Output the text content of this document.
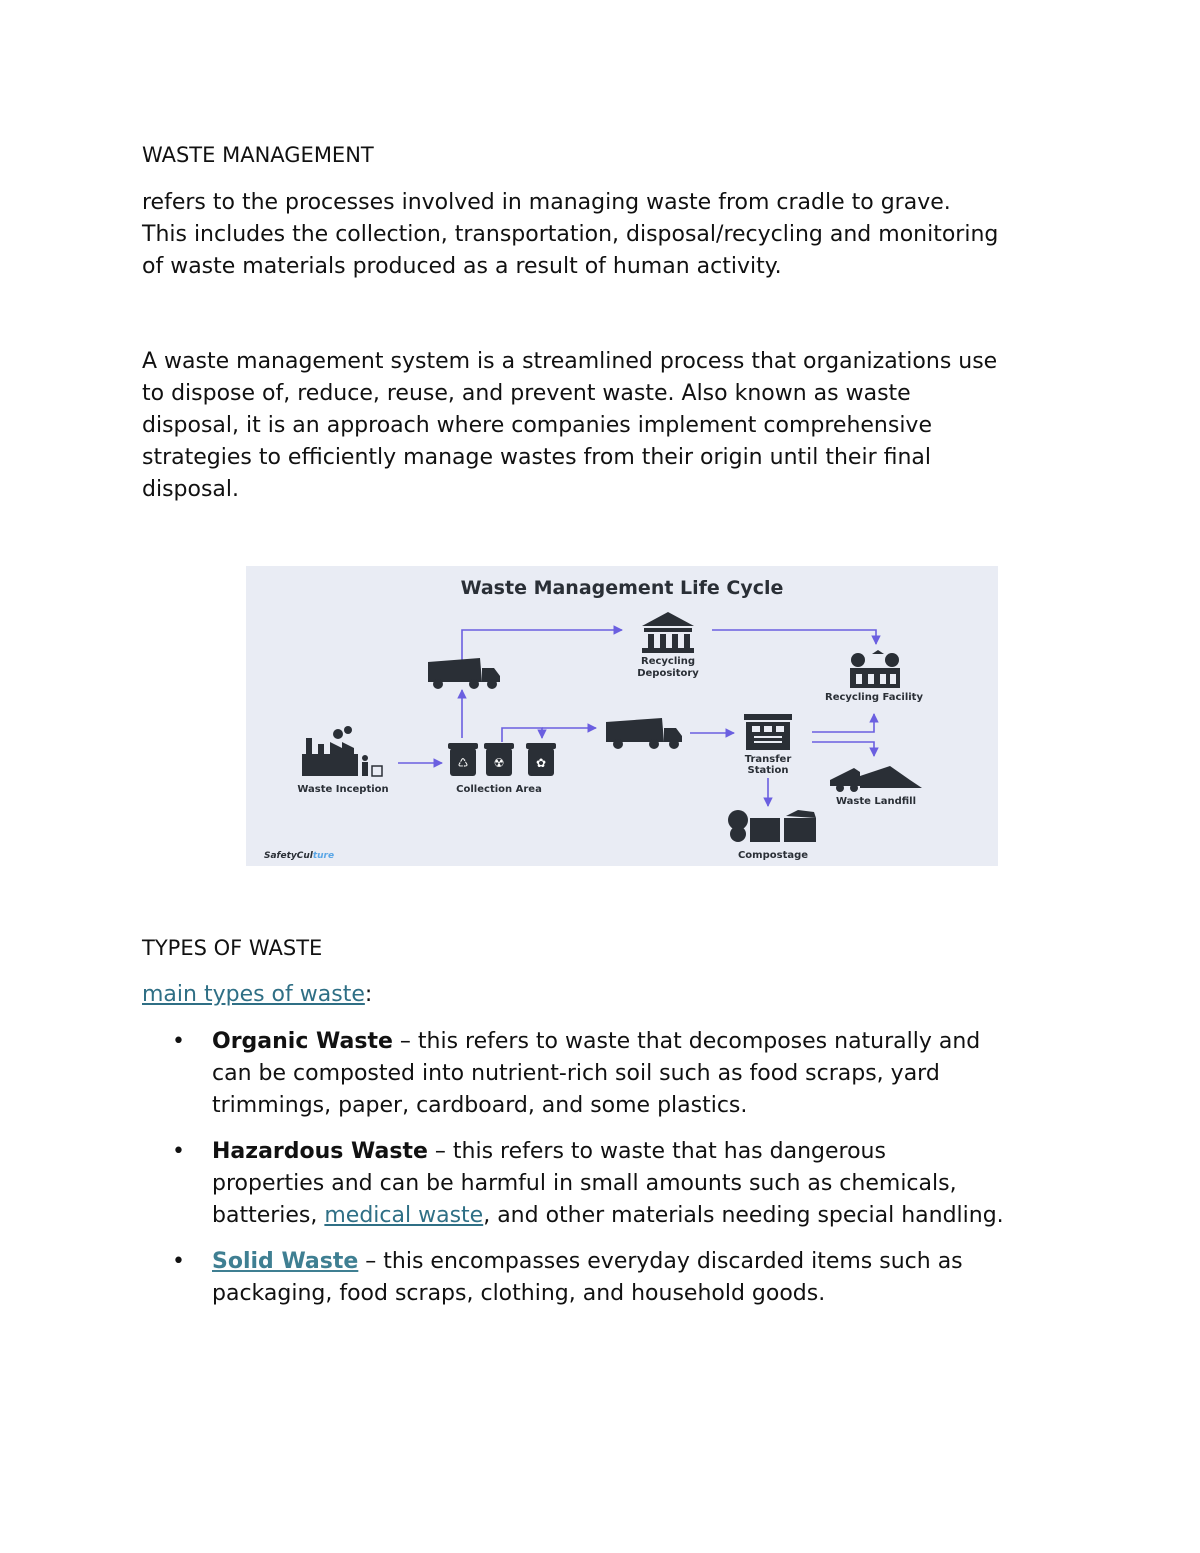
WASTE MANAGEMENT

refers to the processes involved in managing waste from cradle to grave.
This includes the collection, transportation, disposal/recycling and monitoring
of waste materials produced as a result of human activity.

A waste management system is a streamlined process that organizations use
to dispose of, reduce, reuse, and prevent waste. Also known as waste
disposal, it is an approach where companies implement comprehensive
strategies to efficiently manage wastes from their origin until their final
disposal.

Waste Management Life Cycle
Waste Inception
♺ ☢	✿
Collection Area
Recycling
Depository
Recycling Facility
Transfer
Station
Waste Landfill
Compostage
SafetyCulture

TYPES OF WASTE

main types of waste:

• Organic Waste – this refers to waste that decomposes naturally and
can be composted into nutrient-rich soil such as food scraps, yard
trimmings, paper, cardboard, and some plastics.
• Hazardous Waste – this refers to waste that has dangerous
properties and can be harmful in small amounts such as chemicals,
batteries, medical waste, and other materials needing special handling.
• Solid Waste – this encompasses everyday discarded items such as
packaging, food scraps, clothing, and household goods.
